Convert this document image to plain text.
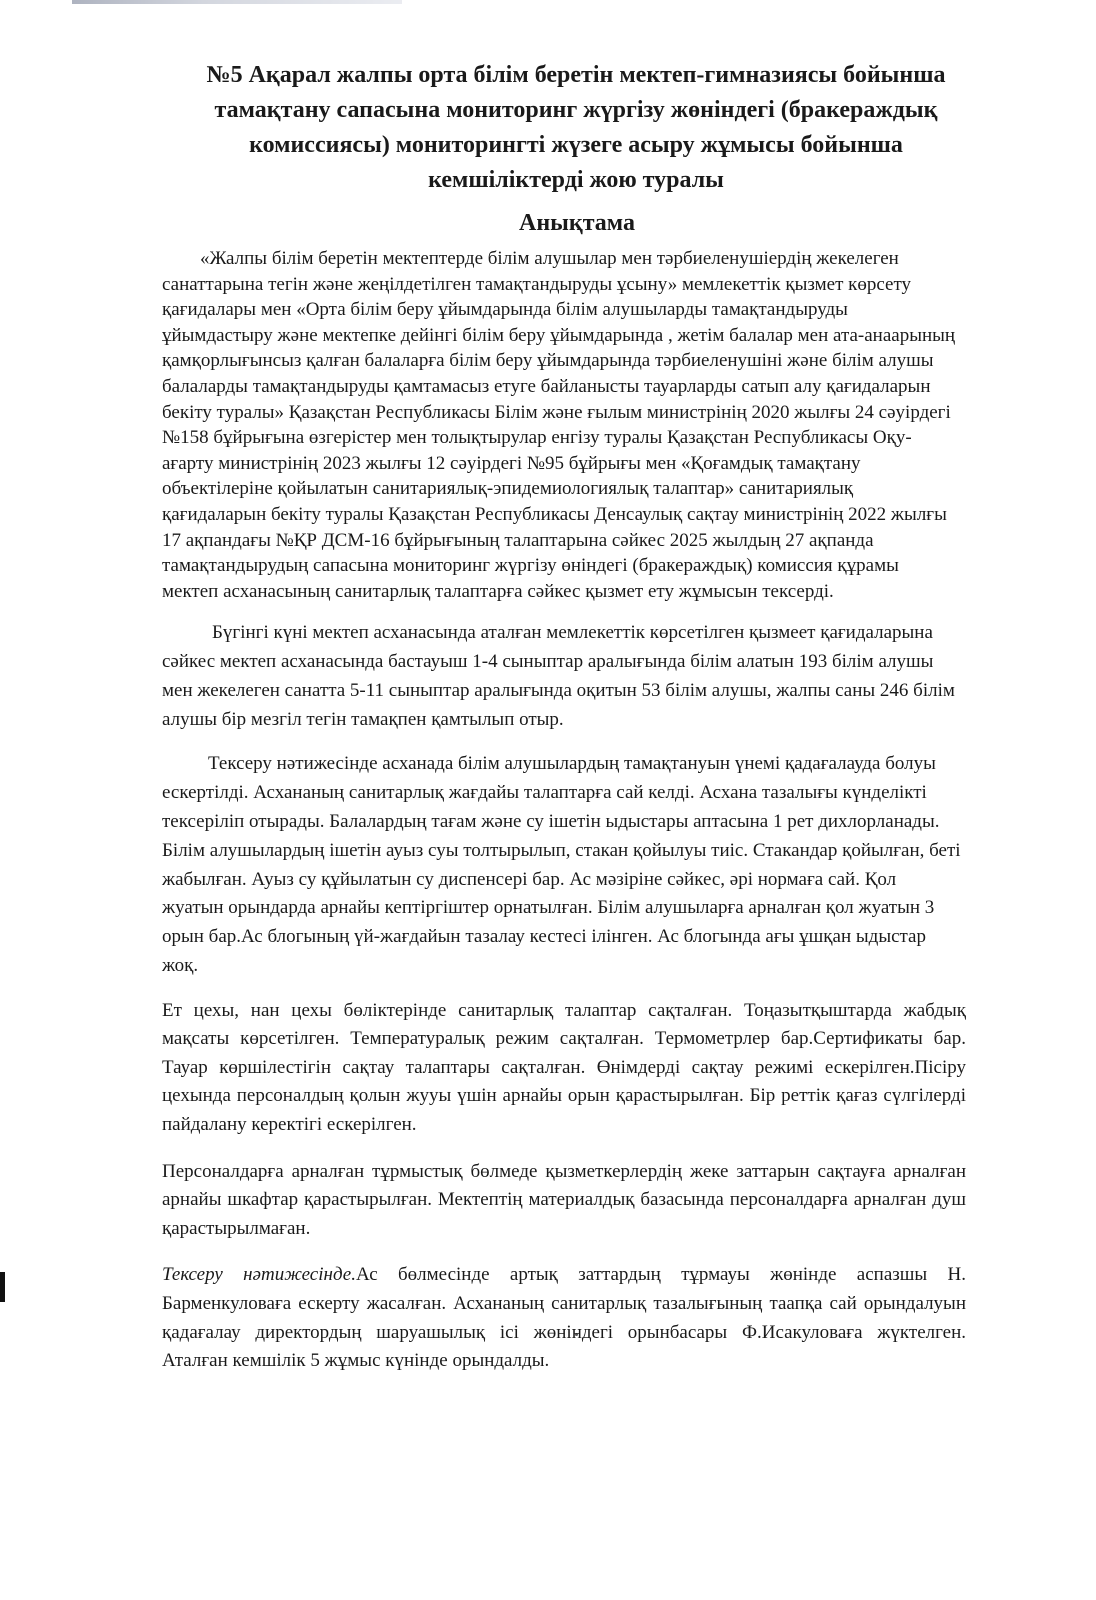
№5 Ақарал жалпы орта білім беретін мектеп-гимназиясы бойынша тамақтану сапасына мониторинг жүргізу жөніндегі (бракераждық комиссиясы) мониторингті жүзеге асыру жұмысы бойынша кемшіліктерді жою туралы
Анықтама

«Жалпы білім беретін мектептерде білім алушылар мен тәрбиеленушіердің жекелеген санаттарына тегін және жеңілдетілген тамақтандыруды ұсыну» мемлекеттік қызмет көрсету қағидалары мен «Орта білім беру ұйымдарында білім алушыларды тамақтандыруды ұйымдастыру және мектепке дейінгі білім беру ұйымдарында , жетім балалар мен ата-анаарының қамқорлығынсыз қалған балаларға білім беру ұйымдарында тәрбиеленушіні және білім алушы балаларды тамақтандыруды қамтамасыз етуге байланысты тауарларды сатып алу қағидаларын бекіту туралы» Қазақстан Республикасы Білім және ғылым министрінің 2020 жылғы 24 сәуірдегі №158 бұйрығына өзгерістер мен толықтырулар енгізу туралы Қазақстан Республикасы Оқу-ағарту министрінің 2023 жылғы 12 сәуірдегі №95 бұйрығы мен «Қоғамдық тамақтану объектілеріне қойылатын санитариялық-эпидемиологиялық талаптар» санитариялық қағидаларын бекіту туралы Қазақстан Республикасы Денсаулық сақтау министрінің 2022 жылғы 17 ақпандағы №ҚР ДСМ-16 бұйрығының талаптарына сәйкес 2025 жылдың 27 ақпанда тамақтандырудың сапасына мониторинг жүргізу өніндегі (бракераждық) комиссия құрамы мектеп асханасының санитарлық талаптарға сәйкес қызмет ету жұмысын тексерді.

Бүгінгі күні мектеп асханасында аталған мемлекеттік көрсетілген қызмеет қағидаларына сәйкес мектеп асханасында бастауыш 1-4 сыныптар аралығында білім алатын 193 білім алушы мен жекелеген санатта 5-11 сыныптар аралығында оқитын 53 білім алушы, жалпы саны 246 білім алушы бір мезгіл тегін тамақпен қамтылып отыр.

Тексеру нәтижесінде асханада білім алушылардың тамақтануын үнемі қадағалауда болуы ескертілді. Асхананың санитарлық жағдайы талаптарға сай келді. Асхана тазалығы күнделікті тексеріліп отырады. Балалардың тағам және су ішетін ыдыстары аптасына 1 рет дихлорланады. Білім алушылардың ішетін ауыз суы толтырылып, стакан қойылуы тиіс. Стакандар қойылған, беті жабылған. Ауыз су құйылатын су диспенсері бар. Ас мәзіріне сәйкес, әрі нормаға сай. Қол жуатын орындарда арнайы кептіргіштер орнатылған. Білім алушыларға арналған қол жуатын 3 орын бар.Ас блогының үй-жағдайын тазалау кестесі ілінген. Ас блогында ағы ұшқан ыдыстар жоқ.

Ет цехы, нан цехы бөліктерінде санитарлық талаптар сақталған. Тоңазытқыштарда жабдық мақсаты көрсетілген. Температуралық режим сақталған. Термометрлер бар.Сертификаты бар. Тауар көршілестігін сақтау талаптары сақталған. Өнімдерді сақтау режимі ескерілген.Пісіру цехында персоналдың қолын жууы үшін арнайы орын қарастырылған. Бір реттік қағаз сүлгілерді пайдалану керектігі ескерілген.

Персоналдарға арналған тұрмыстық бөлмеде қызметкерлердің жеке заттарын сақтауға арналған арнайы шкафтар қарастырылған. Мектептің материалдық базасында персоналдарға арналған душ қарастырылмаған.

Тексеру нәтижесінде.Ас бөлмесінде артық заттардың тұрмауы жөнінде аспазшы Н. Барменкуловаға ескерту жасалған. Асхананың санитарлық тазалығының таапқа сай орындалуын қадағалау директордың шаруашылық ісі жөніндегі орынбасары Ф.Исакуловаға жүктелген. Аталған кемшілік 5 жұмыс күнінде орындалды.
